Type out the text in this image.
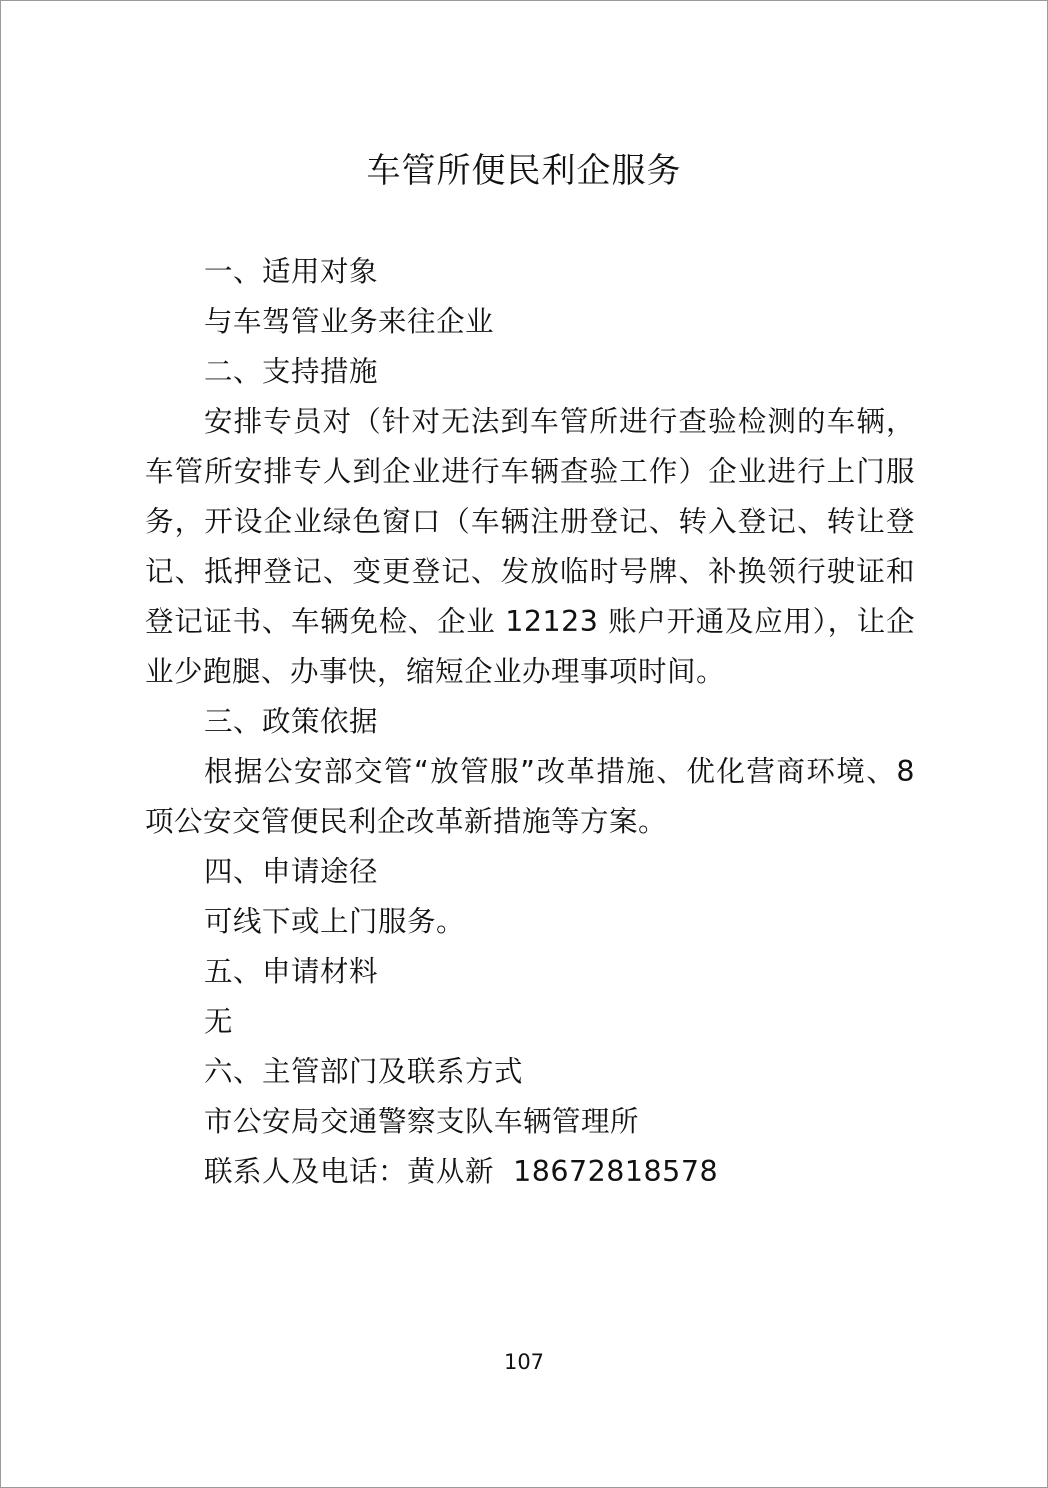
车管所便民利企服务

一、适用对象

与车驾管业务来往企业

二、支持措施

安排专员对（针对无法到车管所进行查验检测的车辆，车管所安排专人到企业进行车辆查验工作）企业进行上门服务，开设企业绿色窗口（车辆注册登记、转入登记、转让登记、抵押登记、变更登记、发放临时号牌、补换领行驶证和登记证书、车辆免检、企业 12123 账户开通及应用），让企业少跑腿、办事快，缩短企业办理事项时间。

三、政策依据

根据公安部交管“放管服”改革措施、优化营商环境、8 项公安交管便民利企改革新措施等方案。

四、申请途径

可线下或上门服务。

五、申请材料

无

六、主管部门及联系方式

市公安局交通警察支队车辆管理所

联系人及电话：黄从新  18672818578

107
